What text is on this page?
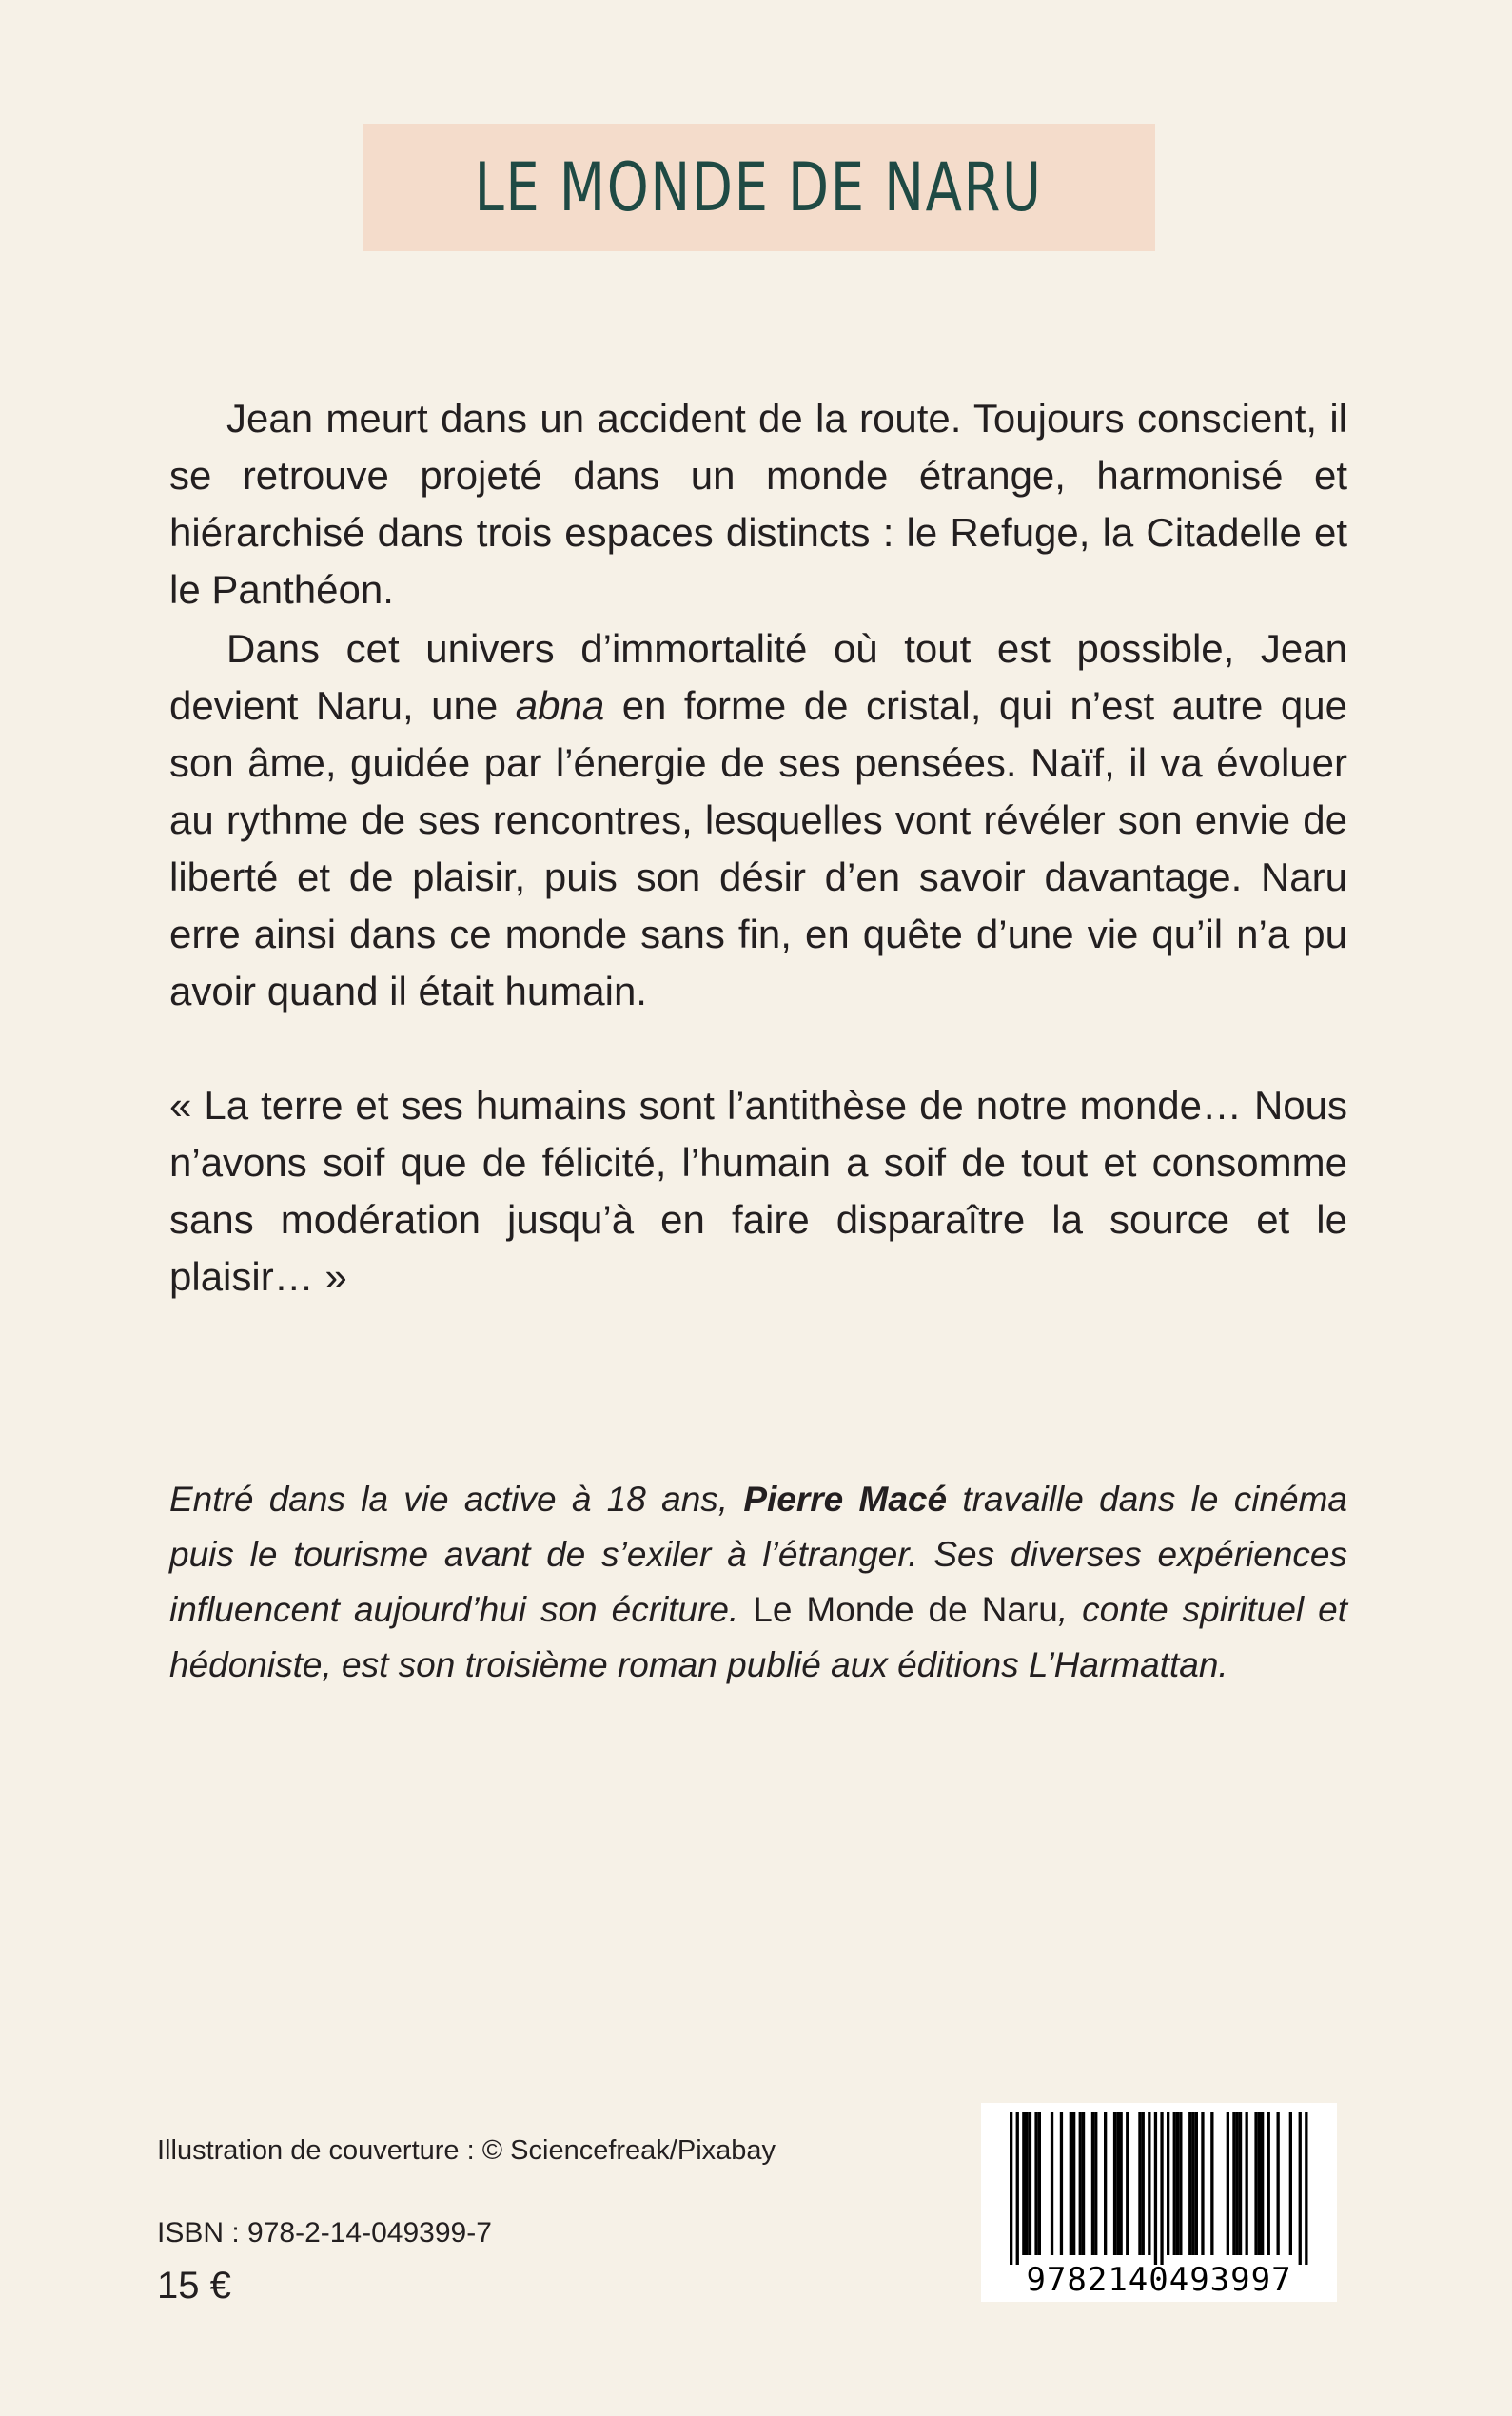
LE MONDE DE NARU

Jean meurt dans un accident de la route. Toujours conscient, il se retrouve projeté dans un monde étrange, harmonisé et hiérarchisé dans trois espaces distincts : le Refuge, la Citadelle et le Panthéon.

Dans cet univers d’immortalité où tout est possible, Jean devient Naru, une abna en forme de cristal, qui n’est autre que son âme, guidée par l’énergie de ses pensées. Naïf, il va évoluer au rythme de ses rencontres, lesquelles vont révéler son envie de liberté et de plaisir, puis son désir d’en savoir davantage. Naru erre ainsi dans ce monde sans fin, en quête d’une vie qu’il n’a pu avoir quand il était humain.

« La terre et ses humains sont l’antithèse de notre monde… Nous n’avons soif que de félicité, l’humain a soif de tout et consomme sans modération jusqu’à en faire disparaître la source et le plaisir… »

Entré dans la vie active à 18 ans, Pierre Macé travaille dans le cinéma puis le tourisme avant de s’exiler à l’étranger. Ses diverses expériences influencent aujourd’hui son écriture. Le Monde de Naru, conte spirituel et hédoniste, est son troisième roman publié aux éditions L’Harmattan.

Illustration de couverture : © Sciencefreak/Pixabay
ISBN : 978-2-14-049399-7
15 €	9782140493997
